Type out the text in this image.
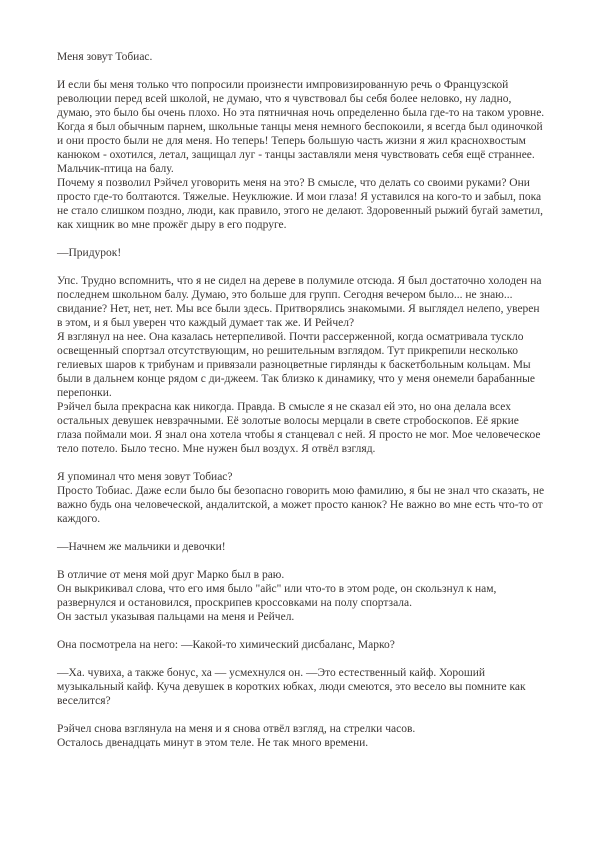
Меня зовут Тобиас.

И если бы меня только что попросили произнести импровизированную речь о Французской революции перед всей школой, не думаю, что я чувствовал бы себя более неловко, ну ладно, думаю, это было бы очень плохо. Но эта пятничная ночь определенно была где-то на таком уровне.

Когда я был обычным парнем, школьные танцы меня немного беспокоили, я всегда был одиночкой и они просто были не для меня. Но теперь! Теперь большую часть жизни я жил краснохвостым канюком - охотился, летал, защищал луг - танцы заставляли меня чувствовать себя ещё страннее. Мальчик-птица на балу.

Почему я позволил Рэйчел уговорить меня на это? В смысле, что делать со своими руками? Они просто где-то болтаются. Тяжелые. Неуклюжие. И мои глаза! Я уставился на кого-то и забыл, пока не стало слишком поздно, люди, как правило, этого не делают. Здоровенный рыжий бугай заметил, как хищник во мне прожёг дыру в его подруге.

—Придурок!

Упс. Трудно вспомнить, что я не сидел на дереве в полумиле отсюда. Я был достаточно холоден на последнем школьном балу. Думаю, это больше для групп. Сегодня вечером было... не знаю... свидание? Нет, нет, нет. Мы все были здесь. Притворялись знакомыми. Я выглядел нелепо, уверен в этом, и я был уверен что каждый думает так же. И Рейчел?

Я взглянул на нее. Она казалась нетерпеливой. Почти рассерженной, когда осматривала тускло освещенный спортзал отсутствующим, но решительным взглядом. Тут прикрепили несколько гелиевых шаров к трибунам и привязали разноцветные гирлянды к баскетбольным кольцам. Мы были в дальнем конце рядом с ди-джеем. Так близко к динамику, что у меня онемели барабанные перепонки.

Рэйчел была прекрасна как никогда. Правда. В смысле я не сказал ей это, но она делала всех остальных девушек невзрачными. Её золотые волосы мерцали в свете стробоскопов. Её яркие глаза поймали мои. Я знал она хотела чтобы я станцевал с ней. Я просто не мог. Мое человеческое тело потело. Было тесно. Мне нужен был воздух. Я отвёл взгляд.

Я упоминал что меня зовут Тобиас?

Просто Тобиас. Даже если было бы безопасно говорить мою фамилию, я бы не знал что сказать, не важно будь она человеческой, андалитской, а может просто канюк? Не важно во мне есть что-то от каждого.

—Начнем же мальчики и девочки!

В отличие от меня мой друг Марко был в раю.

Он выкрикивал слова, что его имя было "айс" или что-то в этом роде, он скользнул к нам, развернулся и остановился, проскрипев кроссовками на полу спортзала.

Он застыл указывая пальцами на меня и Рейчел.

Она посмотрела на него: —Какой-то химический дисбаланс, Марко?

—Ха. чувиха, а также бонус, ха — усмехнулся он. —Это естественный кайф. Хороший музыкальный кайф. Куча девушек в коротких юбках, люди смеются, это весело вы помните как веселится?

Рэйчел снова взглянула на меня и я снова отвёл взгляд, на стрелки часов.

Осталось двенадцать минут в этом теле. Не так много времени.
